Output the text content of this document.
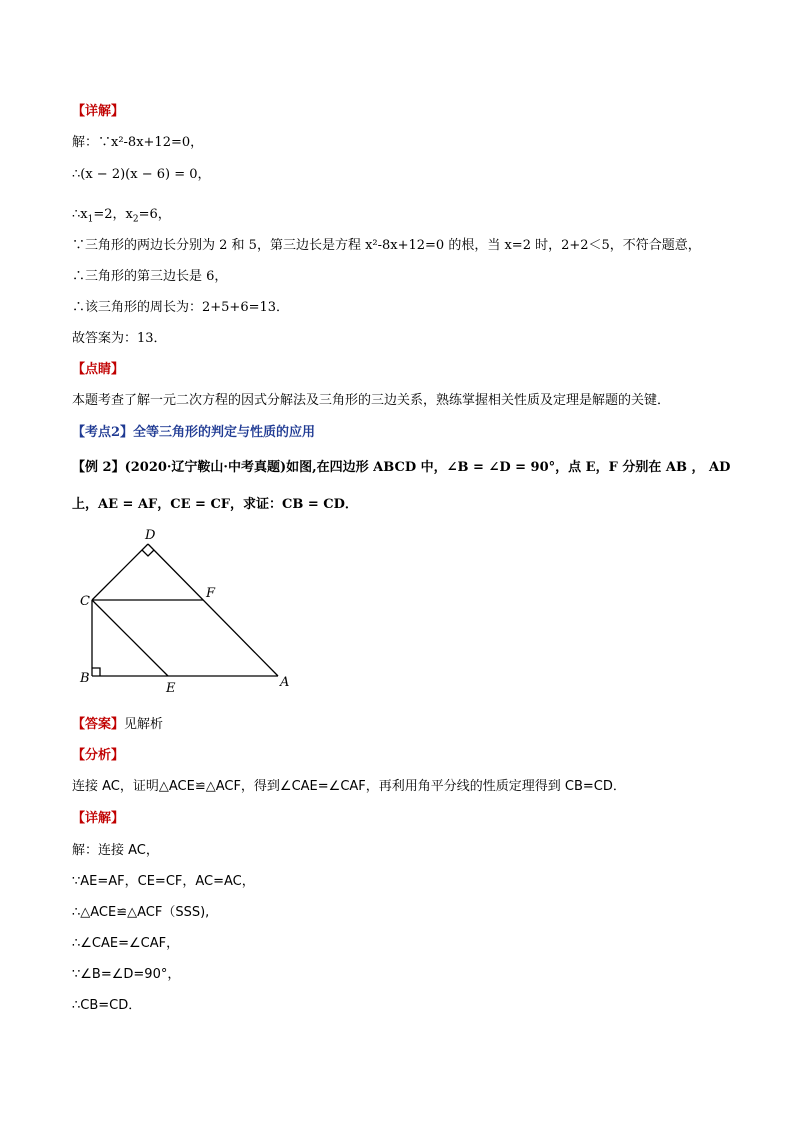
【详解】
解：∵x²-8x+12=0，
∴(x − 2)(x − 6) = 0，
$\therefore x_1=2$，$x_2=6$，
∵三角形的两边长分别为 2 和 5，第三边长是方程 x²-8x+12=0 的根，当 x=2 时，2+2＜5，不符合题意，
∴三角形的第三边长是 6，
∴该三角形的周长为：2+5+6=13．
故答案为：13．
【点睛】
本题考查了解一元二次方程的因式分解法及三角形的三边关系，熟练掌握相关性质及定理是解题的关键．
【考点2】全等三角形的判定与性质的应用
【例 2】(2020·辽宁鞍山·中考真题)如图,在四边形 ABCD 中，∠B = ∠D = 90°，点 E，F 分别在 AB ， AD
上，AE = AF，CE = CF，求证：CB = CD．
D
C
F
B
E	A
【答案】见解析
【分析】
连接 AC，证明△ACE≌△ACF，得到∠CAE=∠CAF，再利用角平分线的性质定理得到 CB=CD．
【详解】
解：连接 AC，
∵AE=AF，CE=CF，AC=AC，
∴△ACE≌△ACF（SSS),
∴∠CAE=∠CAF，
∵∠B=∠D=90°，
∴CB=CD．
